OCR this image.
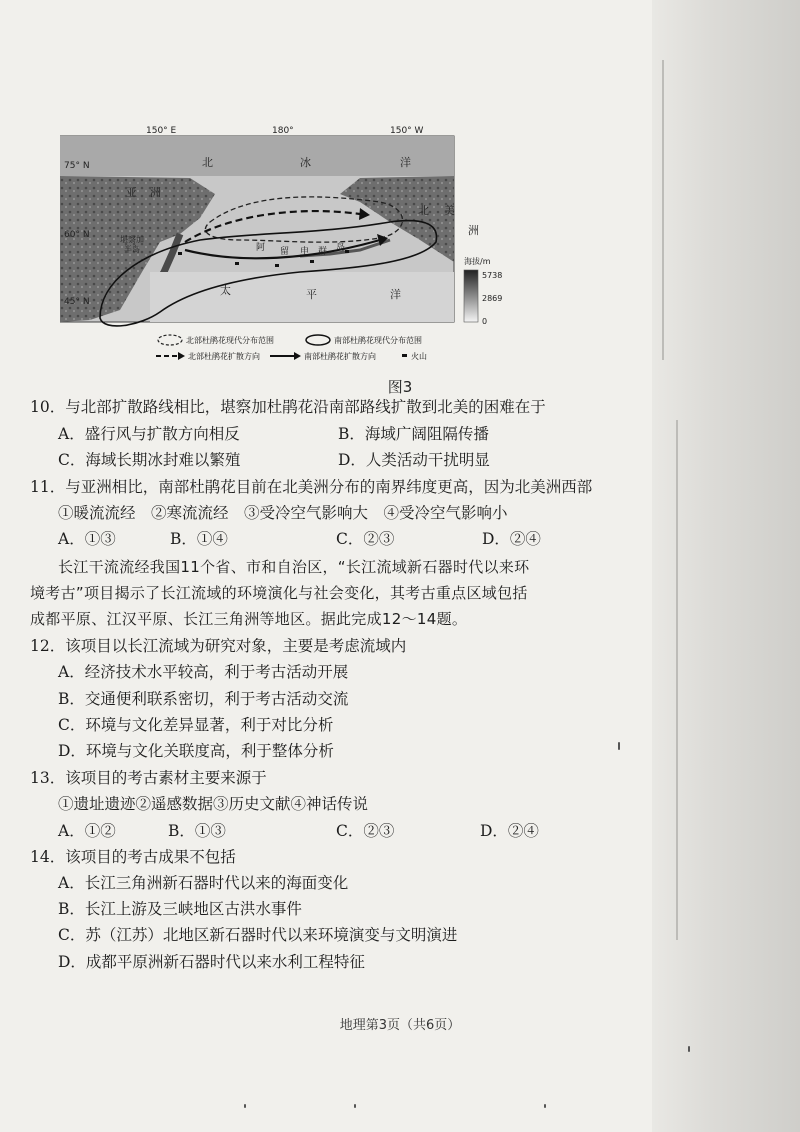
150° E	180°	150° W
75° N
60° N
45° N
北	冰	洋
亚 洲
北 美
洲
阿 留 申 群 岛
太	平	洋
堪察加
半岛
海拔/m
5738
2869
0
北部杜鹃花现代分布范围	南部杜鹃花现代分布范围
北部杜鹃花扩散方向	南部杜鹃花扩散方向	火山
图3
10．与北部扩散路线相比，堪察加杜鹃花沿南部路线扩散到北美的困难在于
A．盛行风与扩散方向相反	B．海域广阔阻隔传播
C．海域长期冰封难以繁殖	D．人类活动干扰明显
11．与亚洲相比，南部杜鹃花目前在北美洲分布的南界纬度更高，因为北美洲西部
①暖流流经　②寒流流经　③受冷空气影响大　④受冷空气影响小
A．①③	B．①④	C．②③	D．②④
长江干流流经我国11个省、市和自治区，“长江流域新石器时代以来环
境考古”项目揭示了长江流域的环境演化与社会变化，其考古重点区域包括
成都平原、江汉平原、长江三角洲等地区。据此完成12～14题。
12．该项目以长江流域为研究对象，主要是考虑流域内
A．经济技术水平较高，利于考古活动开展
B．交通便利联系密切，利于考古活动交流
C．环境与文化差异显著，利于对比分析
D．环境与文化关联度高，利于整体分析
13．该项目的考古素材主要来源于
①遗址遗迹②遥感数据③历史文献④神话传说
A．①②	B．①③	C．②③	D．②④
14．该项目的考古成果不包括
A．长江三角洲新石器时代以来的海面变化
B．长江上游及三峡地区古洪水事件
C．苏（江苏）北地区新石器时代以来环境演变与文明演进
D．成都平原洲新石器时代以来水利工程特征
地理第3页（共6页）
